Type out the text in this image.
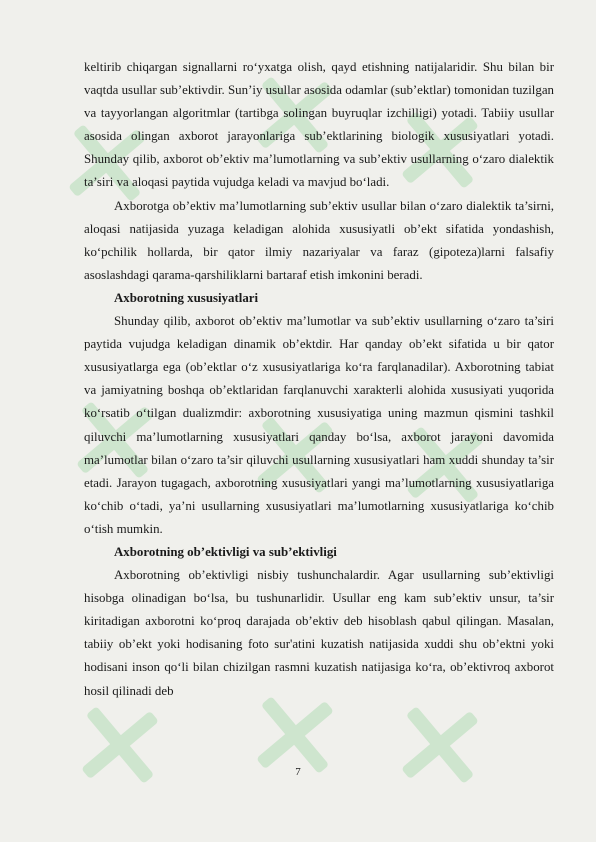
keltirib chiqargan signallarni ro‘yxatga olish, qayd etishning natijalaridir. Shu bilan bir vaqtda usullar sub’ektivdir. Sun’iy usullar asosida odamlar (sub’ektlar) tomonidan tuzilgan va tayyorlangan algoritmlar (tartibga solingan buyruqlar izchilligi) yotadi. Tabiiy usullar asosida olingan axborot jarayonlariga sub’ektlarining biologik xususiyatlari yotadi. Shunday qilib, axborot ob’ektiv ma’lumotlarning va sub’ektiv usullarning o‘zaro dialektik ta’siri va aloqasi paytida vujudga keladi va mavjud bo‘ladi.

Axborotga ob’ektiv ma’lumotlarning sub’ektiv usullar bilan o‘zaro dialektik ta’sirni, aloqasi natijasida yuzaga keladigan alohida xususiyatli ob’ekt sifatida yondashish, ko‘pchilik hollarda, bir qator ilmiy nazariyalar va faraz (gipoteza)larni falsafiy asoslashdagi qarama-qarshiliklarni bartaraf etish imkonini beradi.

Axborotning xususiyatlari

Shunday qilib, axborot ob’ektiv ma’lumotlar va sub’ektiv usullarning o‘zaro ta’siri paytida vujudga keladigan dinamik ob’ektdir. Har qanday ob’ekt sifatida u bir qator xususiyatlarga ega (ob’ektlar o‘z xususiyatlariga ko‘ra farqlanadilar). Axborotning tabiat va jamiyatning boshqa ob’ektlaridan farqlanuvchi xarakterli alohida xususiyati yuqorida ko‘rsatib o‘tilgan dualizmdir: axborotning xususiyatiga uning mazmun qismini tashkil qiluvchi ma’lumotlarning xususiyatlari qanday bo‘lsa, axborot jarayoni davomida ma’lumotlar bilan o‘zaro ta’sir qiluvchi usullarning xususiyatlari ham xuddi shunday ta’sir etadi. Jarayon tugagach, axborotning xususiyatlari yangi ma’lumotlarning xususiyatlariga ko‘chib o‘tadi, ya’ni usullarning xususiyatlari ma’lumotlarning xususiyatlariga ko‘chib o‘tish mumkin.

Axborotning ob’ektivligi va sub’ektivligi

Axborotning ob’ektivligi nisbiy tushunchalardir. Agar usullarning sub’ektivligi hisobga olinadigan bo‘lsa, bu tushunarlidir. Usullar eng kam sub’ektiv unsur, ta’sir kiritadigan axborotni ko‘proq darajada ob’ektiv deb hisoblash qabul qilingan. Masalan, tabiiy ob’ekt yoki hodisaning foto sur'atini kuzatish natijasida xuddi shu ob’ektni yoki hodisani inson qo‘li bilan chizilgan rasmni kuzatish natijasiga ko‘ra, ob’ektivroq axborot hosil qilinadi deb

7
